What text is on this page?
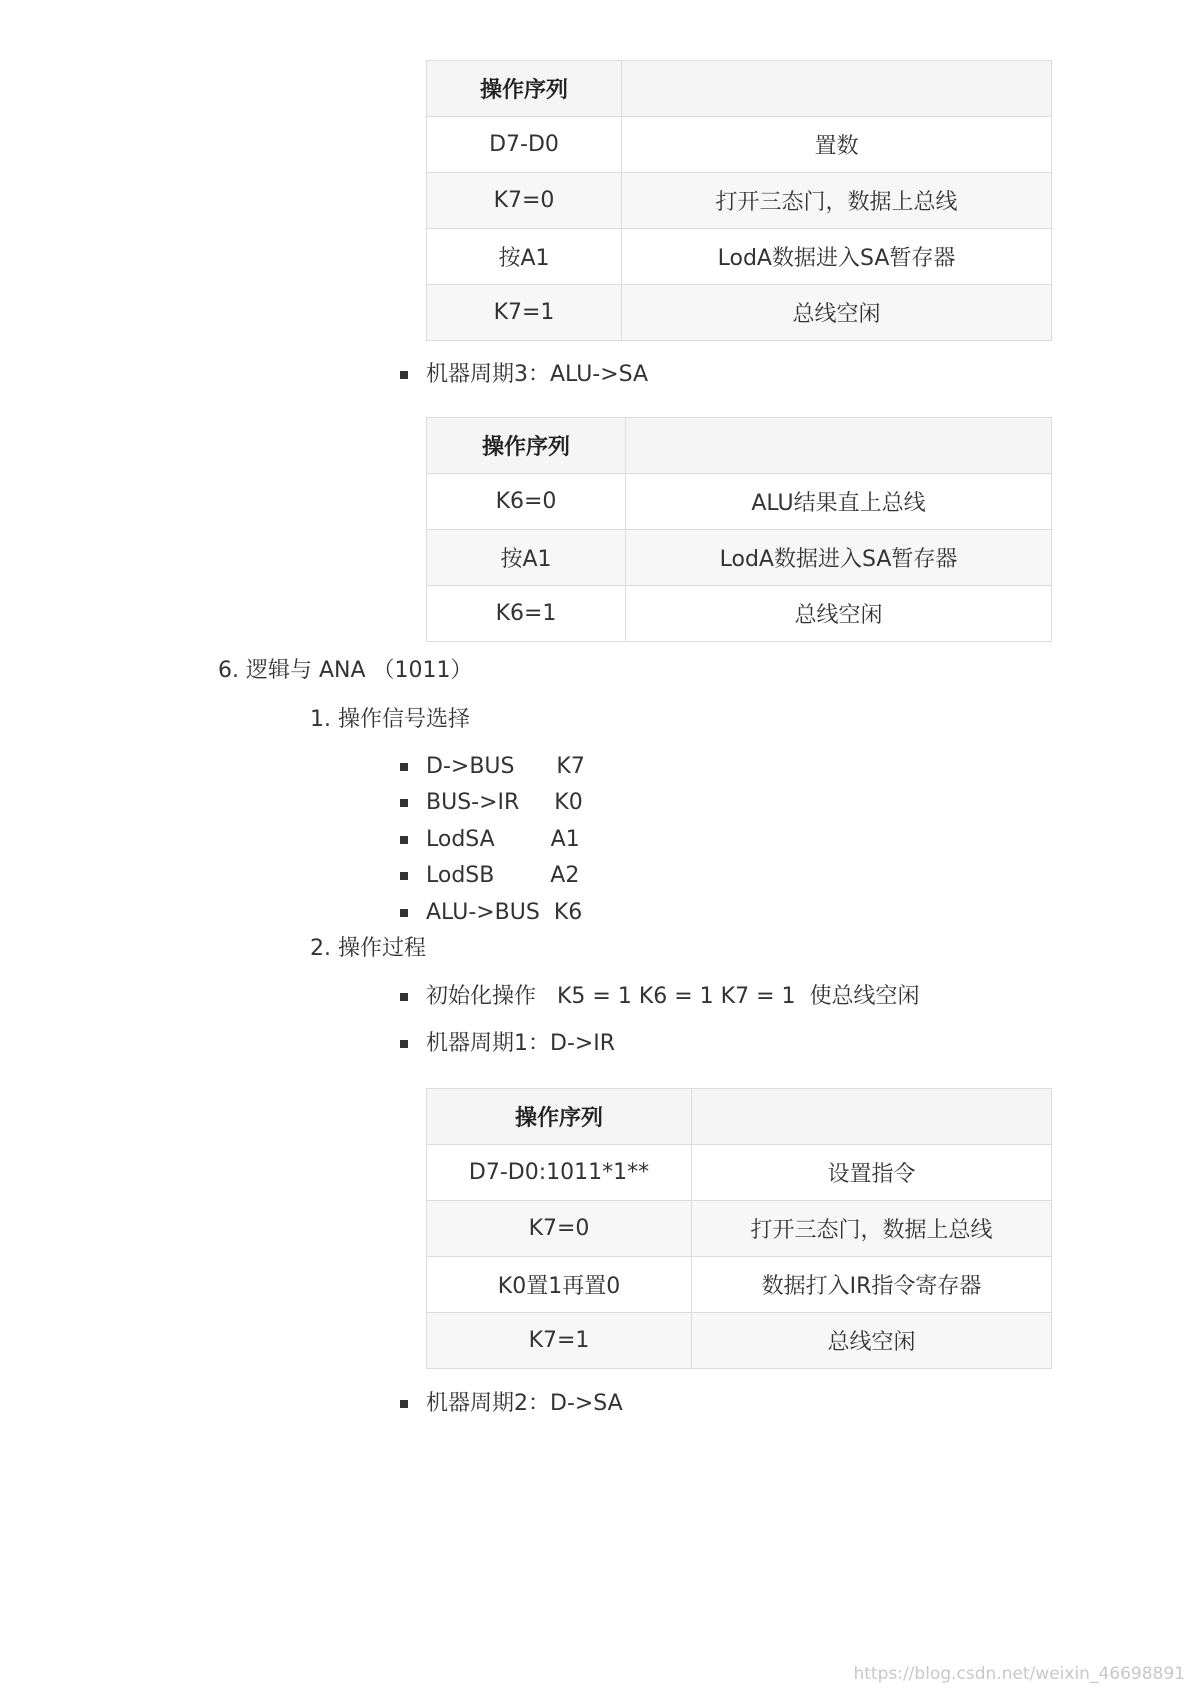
操作序列	
D7-D0	置数
K7=0	打开三态门，数据上总线
按A1	LodA数据进入SA暂存器
K7=1	总线空闲
机器周期3：ALU->SA
操作序列	
K6=0	ALU结果直上总线
按A1	LodA数据进入SA暂存器
K6=1	总线空闲
6. 逻辑与 ANA （1011）
1. 操作信号选择
D->BUS      K7
BUS->IR     K0
LodSA        A1
LodSB        A2
ALU->BUS  K6
2. 操作过程
初始化操作   K5 = 1 K6 = 1 K7 = 1  使总线空闲
机器周期1：D->IR
操作序列	
D7-D0:1011*1**	设置指令
K7=0	打开三态门，数据上总线
K0置1再置0	数据打入IR指令寄存器
K7=1	总线空闲
机器周期2：D->SA
https://blog.csdn.net/weixin_46698891
